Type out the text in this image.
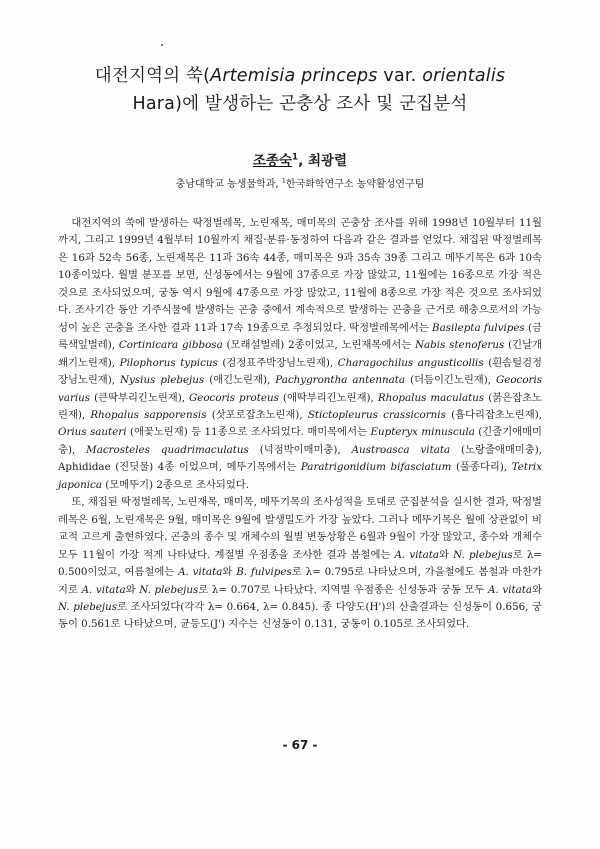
대전지역의 쑥(Artemisia princeps var. orientalis
Hara)에 발생하는 곤충상 조사 및 군집분석
조종숙$^1$, 최광렬
충남대학교 농생물학과, $^1$한국화학연구소 농약활성연구팀

대전지역의 쑥에 발생하는 딱정벌레목, 노린재목, 매미목의 곤충상 조사를 위해 1998년 10월부터 11월까지, 그리고 1999년 4월부터 10월까지 채집·분류·동정하여 다음과 같은 결과를 얻었다. 채집된 딱정벌레목은 16과 52속 56종, 노린재목은 11과 36속 44종, 매미목은 9과 35속 39종 그리고 메뚜기목은 6과 10속 10종이었다. 월별 분포를 보면, 신성동에서는 9월에 37종으로 가장 많았고, 11월에는 16종으로 가장 적은 것으로 조사되었으며, 궁동 역시 9월에 47종으로 가장 많았고, 11월에 8종으로 가장 적은 것으로 조사되었다. 조사기간 동안 기주식물에 발생하는 곤충 중에서 계속적으로 발생하는 곤충을 근거로 해충으로서의 가능성이 높은 곤충을 조사한 결과 11과 17속 19종으로 추정되었다. 딱정벌레목에서는 Basilepta fulvipes (금록색잎벌레), Cortinicara gibbosa (모래설벌레) 2종이었고, 노린재목에서는 Nabis stenoferus (긴날개쐐기노린재), Pilophorus typicus (검정표주박장님노린재), Charagochilus angusticollis (흰솜털검정장님노린재), Nysius plebejus (애긴노린재), Pachygrontha antennata (더듬이긴노린재), Geocoris varius (큰딱부리긴노린재), Geocoris proteus (애딱부리긴노린재), Rhopalus maculatus (붉은잡초노린재), Rhopalus sapporensis (삿포로잡초노린재), Stictopleurus crassicornis (흡다리잡초노린재), Orius sauteri (애꽃노린재) 등 11종으로 조사되었다. 매미목에서는 Eupteryx minuscula (긴줄기애매미충), Macrosteles quadrimaculatus (넉점박이매미충), Austroasca vitata (노랑줄애매미충), Aphididae (진딧물) 4종 이었으며, 메뚜기목에서는 Paratrigonidium bifasciatum (풀종다리), Tetrix japonica (모메뚜기) 2종으로 조사되었다.

또, 채집된 딱정벌레목, 노린재목, 매미목, 메뚜기목의 조사성적을 토대로 군집분석을 실시한 결과, 딱정벌레목은 6월, 노린재목은 9월, 매미목은 9월에 발생밀도가 가장 높았다. 그러나 메뚜기목은 월에 상관없이 비교적 고르게 출현하였다. 곤충의 종수 및 개체수의 월별 변동상황은 6월과 9월이 가장 많았고, 종수와 개체수 모두 11월이 가장 적게 나타났다. 계절별 우점종을 조사한 결과 봄철에는 A. vitata와 N. plebejus로 λ= 0.500이었고, 여름철에는 A. vitata와 B. fulvipes로 λ= 0.795로 나타났으며, 가을철에도 봄철과 마찬가지로 A. vitata와 N. plebejus로 λ= 0.707로 나타났다. 지역별 우점종은 신성동과 궁동 모두 A. vitata와 N. plebejus로 조사되었다(각각 λ= 0.664, λ= 0.845). 종 다양도(H')의 산출결과는 신성동이 0.656, 궁동이 0.561로 나타났으며, 균등도(J') 지수는 신성동이 0.131, 궁동이 0.105로 조사되었다.

- 67 -
